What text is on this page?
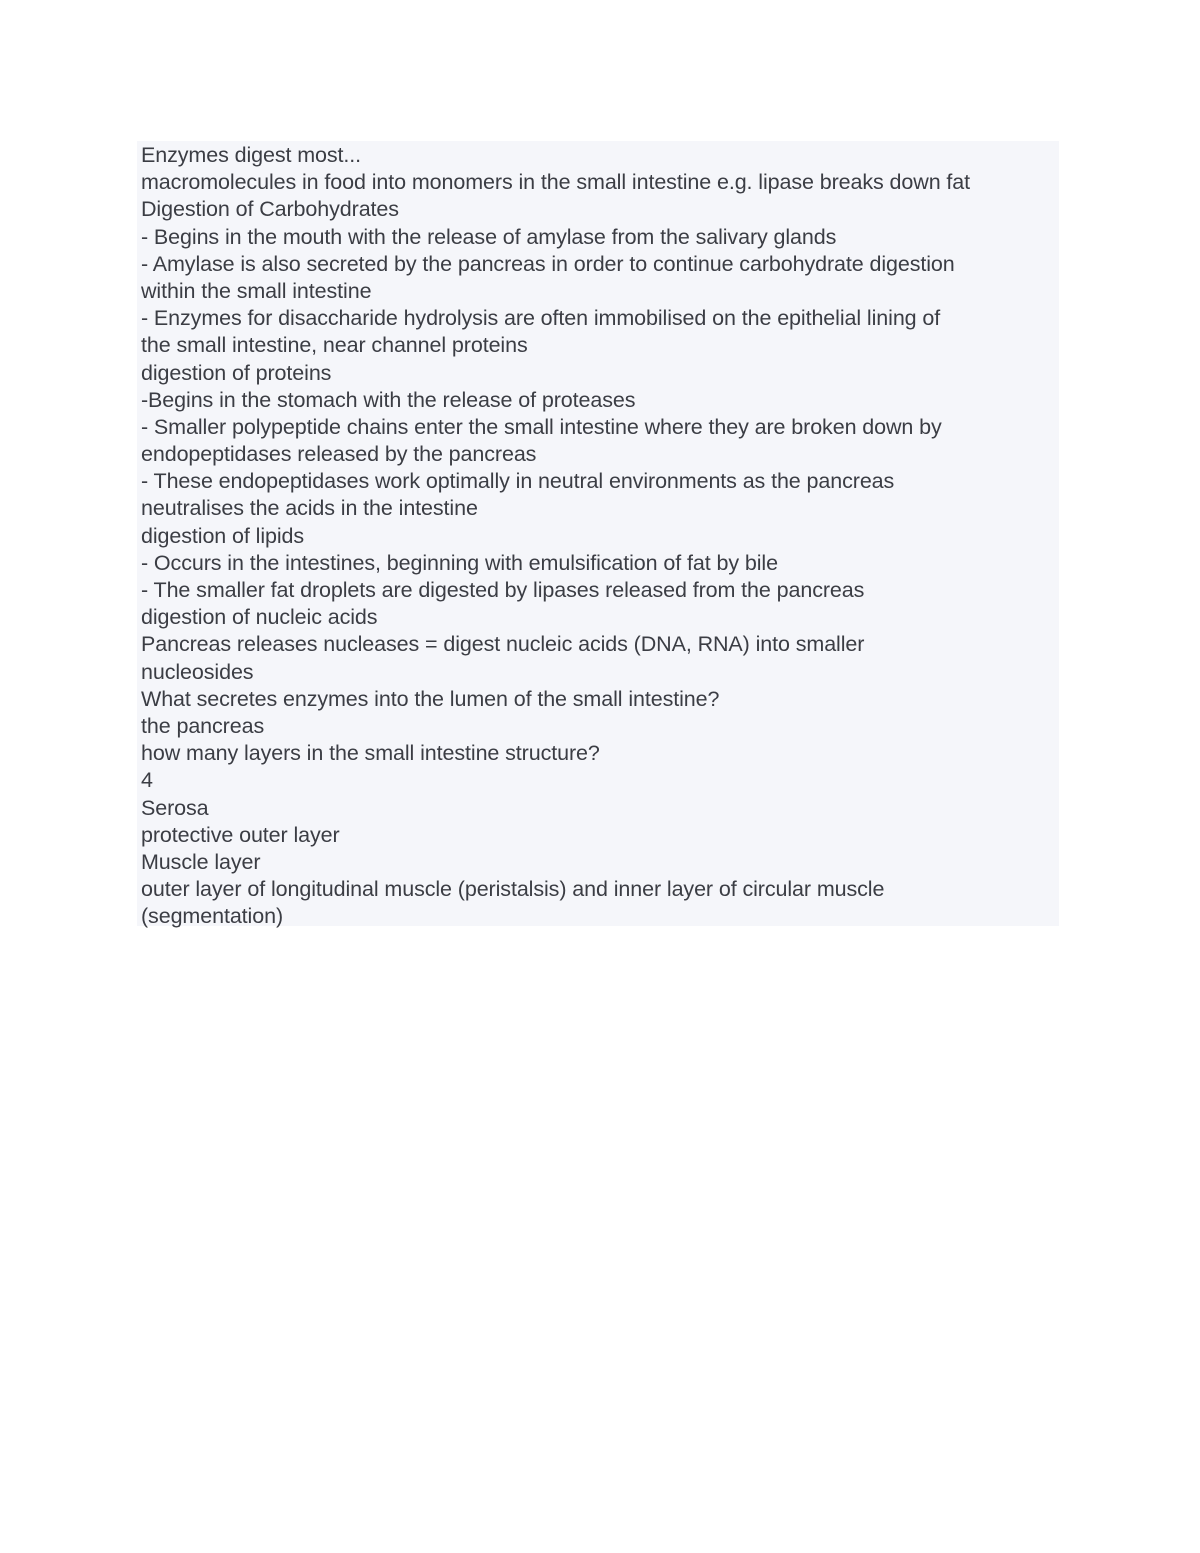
Enzymes digest most...
macromolecules in food into monomers in the small intestine e.g. lipase breaks down fat
Digestion of Carbohydrates
- Begins in the mouth with the release of amylase from the salivary glands
- Amylase is also secreted by the pancreas in order to continue carbohydrate digestion
within the small intestine
- Enzymes for disaccharide hydrolysis are often immobilised on the epithelial lining of
the small intestine, near channel proteins
digestion of proteins
-Begins in the stomach with the release of proteases
- Smaller polypeptide chains enter the small intestine where they are broken down by
endopeptidases released by the pancreas
- These endopeptidases work optimally in neutral environments as the pancreas
neutralises the acids in the intestine
digestion of lipids
- Occurs in the intestines, beginning with emulsification of fat by bile
- The smaller fat droplets are digested by lipases released from the pancreas
digestion of nucleic acids
Pancreas releases nucleases = digest nucleic acids (DNA, RNA) into smaller
nucleosides
What secretes enzymes into the lumen of the small intestine?
the pancreas
how many layers in the small intestine structure?
4
Serosa
protective outer layer
Muscle layer
outer layer of longitudinal muscle (peristalsis) and inner layer of circular muscle
(segmentation)
